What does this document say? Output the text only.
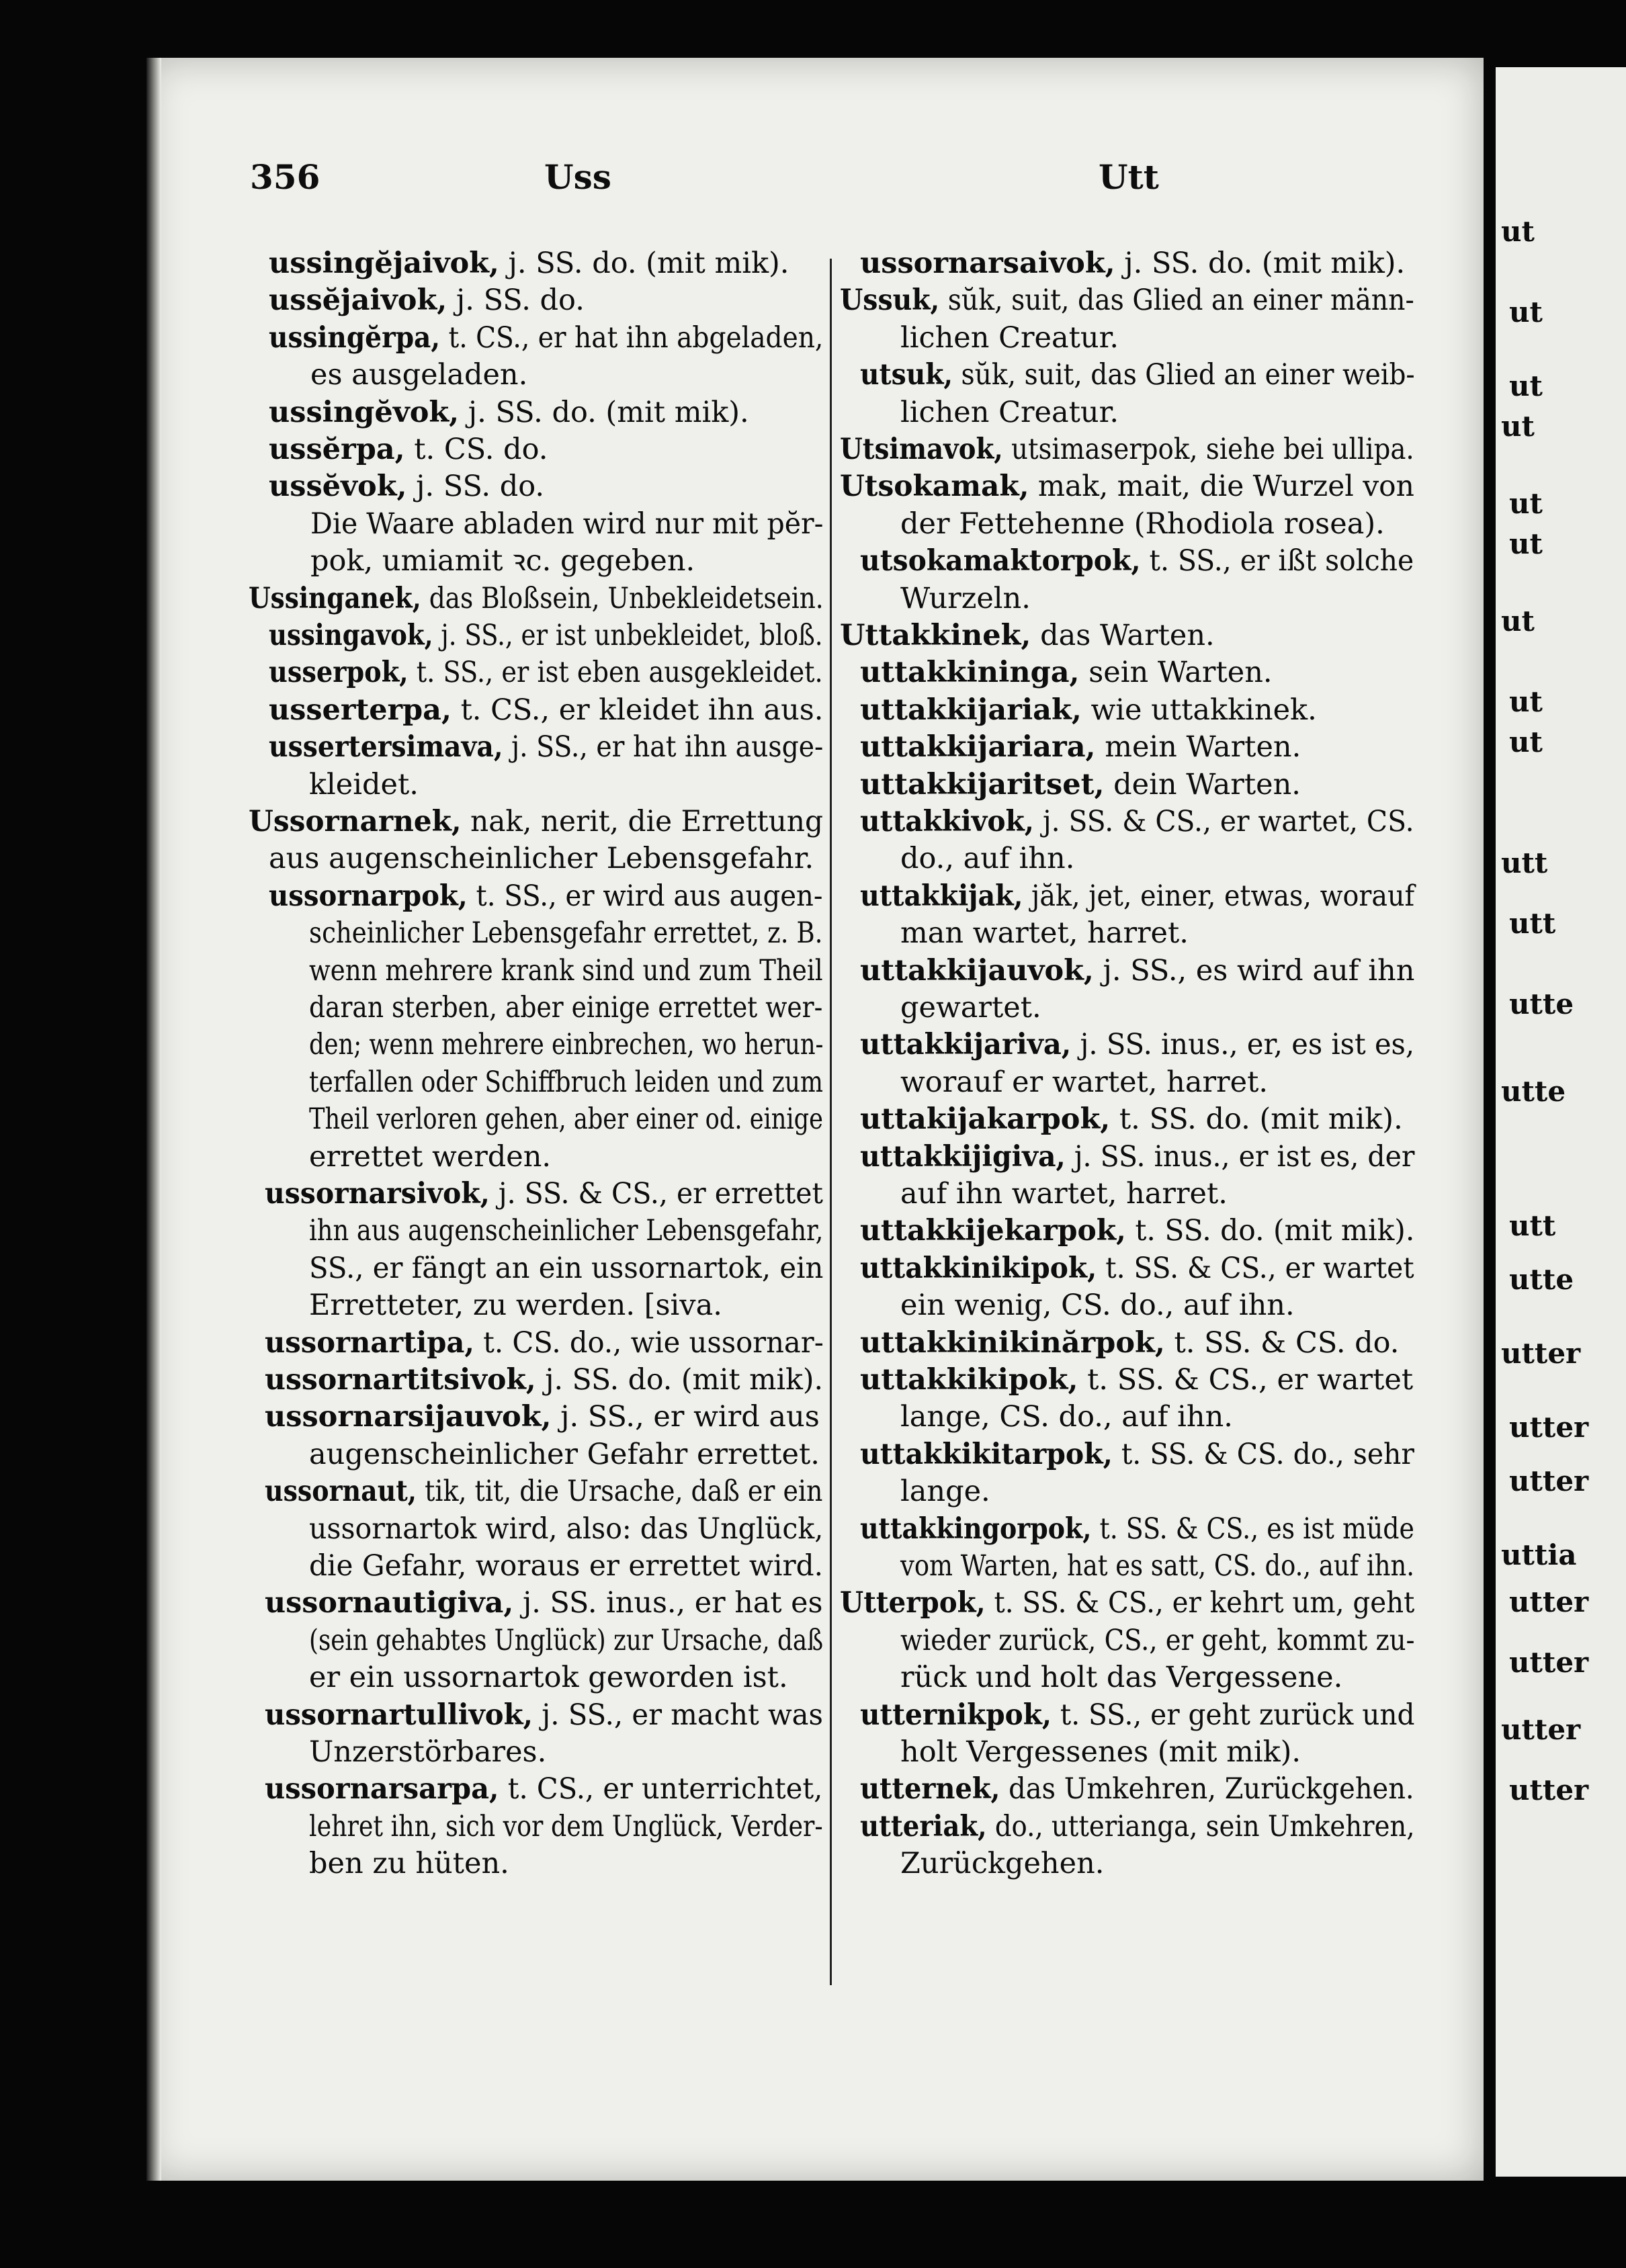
ut
ut
ut
ut
ut
ut
ut
ut
ut
utt
utt
utte
utte
utt
utte
utter
utter
utter
uttia
utter
utter
utter
utter
356	Uss	Utt
ussingĕjaivok, j. SS. do. (mit mik).
ussĕjaivok, j. SS. do.
ussingĕrpa, t. CS., er hat ihn abgeladen,
es ausgeladen.
ussingĕvok, j. SS. do. (mit mik).
ussĕrpa, t. CS. do.
ussĕvok, j. SS. do.
Die Waare abladen wird nur mit pĕr-
pok, umiamit ꝛc. gegeben.
Ussinganek, das Bloßsein, Unbekleidetsein.
ussingavok, j. SS., er ist unbekleidet, bloß.
usserpok, t. SS., er ist eben ausgekleidet.
usserterpa, t. CS., er kleidet ihn aus.
ussertersimava, j. SS., er hat ihn ausge-
kleidet.
Ussornarnek, nak, nerit, die Errettung
aus augenscheinlicher Lebensgefahr.
ussornarpok, t. SS., er wird aus augen-
scheinlicher Lebensgefahr errettet, z. B.
wenn mehrere krank sind und zum Theil
daran sterben, aber einige errettet wer-
den; wenn mehrere einbrechen, wo herun-
terfallen oder Schiffbruch leiden und zum
Theil verloren gehen, aber einer od. einige
errettet werden.
ussornarsivok, j. SS. & CS., er errettet
ihn aus augenscheinlicher Lebensgefahr,
SS., er fängt an ein ussornartok, ein
Erretteter, zu werden. [siva.
ussornartipa, t. CS. do., wie ussornar-
ussornartitsivok, j. SS. do. (mit mik).
ussornarsijauvok, j. SS., er wird aus
augenscheinlicher Gefahr errettet.
ussornaut, tik, tit, die Ursache, daß er ein
ussornartok wird, also: das Unglück,
die Gefahr, woraus er errettet wird.
ussornautigiva, j. SS. inus., er hat es
(sein gehabtes Unglück) zur Ursache, daß
er ein ussornartok geworden ist.
ussornartullivok, j. SS., er macht was
Unzerstörbares.
ussornarsarpa, t. CS., er unterrichtet,
lehret ihn, sich vor dem Unglück, Verder-
ben zu hüten.
ussornarsaivok, j. SS. do. (mit mik).
Ussuk, sŭk, suit, das Glied an einer männ-
lichen Creatur.
utsuk, sŭk, suit, das Glied an einer weib-
lichen Creatur.
Utsimavok, utsimaserpok, siehe bei ullipa.
Utsokamak, mak, mait, die Wurzel von
der Fettehenne (Rhodiola rosea).
utsokamaktorpok, t. SS., er ißt solche
Wurzeln.
Uttakkinek, das Warten.
uttakkininga, sein Warten.
uttakkijariak, wie uttakkinek.
uttakkijariara, mein Warten.
uttakkijaritset, dein Warten.
uttakkivok, j. SS. & CS., er wartet, CS.
do., auf ihn.
uttakkijak, jăk, jet, einer, etwas, worauf
man wartet, harret.
uttakkijauvok, j. SS., es wird auf ihn
gewartet.
uttakkijariva, j. SS. inus., er, es ist es,
worauf er wartet, harret.
uttakijakarpok, t. SS. do. (mit mik).
uttakkijigiva, j. SS. inus., er ist es, der
auf ihn wartet, harret.
uttakkijekarpok, t. SS. do. (mit mik).
uttakkinikipok, t. SS. & CS., er wartet
ein wenig, CS. do., auf ihn.
uttakkinikinărpok, t. SS. & CS. do.
uttakkikipok, t. SS. & CS., er wartet
lange, CS. do., auf ihn.
uttakkikitarpok, t. SS. & CS. do., sehr
lange.
uttakkingorpok, t. SS. & CS., es ist müde
vom Warten, hat es satt, CS. do., auf ihn.
Utterpok, t. SS. & CS., er kehrt um, geht
wieder zurück, CS., er geht, kommt zu-
rück und holt das Vergessene.
utternikpok, t. SS., er geht zurück und
holt Vergessenes (mit mik).
utternek, das Umkehren, Zurückgehen.
utteriak, do., utterianga, sein Umkehren,
Zurückgehen.
